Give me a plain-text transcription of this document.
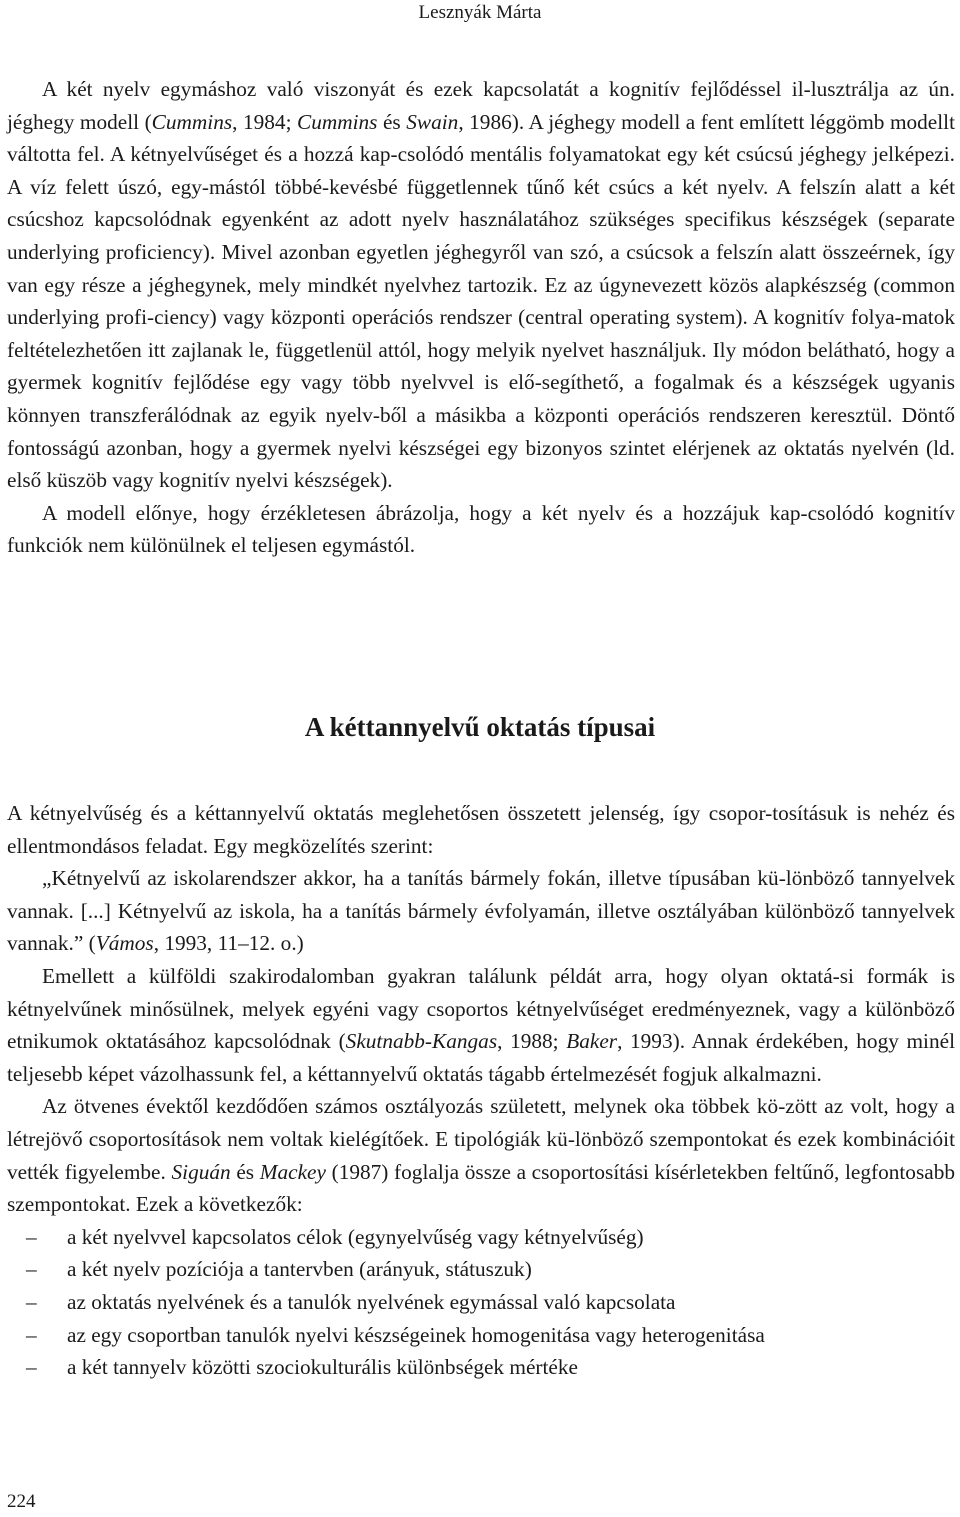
Lesznyák Márta

A két nyelv egymáshoz való viszonyát és ezek kapcsolatát a kognitív fejlődéssel il-lusztrálja az ún. jéghegy modell (Cummins, 1984; Cummins és Swain, 1986). A jéghegy modell a fent említett léggömb modellt váltotta fel. A kétnyelvűséget és a hozzá kap-csolódó mentális folyamatokat egy két csúcsú jéghegy jelképezi. A víz felett úszó, egy-mástól többé-kevésbé függetlennek tűnő két csúcs a két nyelv. A felszín alatt a két csúcshoz kapcsolódnak egyenként az adott nyelv használatához szükséges specifikus készségek (separate underlying proficiency). Mivel azonban egyetlen jéghegyről van szó, a csúcsok a felszín alatt összeérnek, így van egy része a jéghegynek, mely mindkét nyelvhez tartozik. Ez az úgynevezett közös alapkészség (common underlying profi-ciency) vagy központi operációs rendszer (central operating system). A kognitív folya-matok feltételezhetően itt zajlanak le, függetlenül attól, hogy melyik nyelvet használjuk. Ily módon belátható, hogy a gyermek kognitív fejlődése egy vagy több nyelvvel is elő-segíthető, a fogalmak és a készségek ugyanis könnyen transzferálódnak az egyik nyelv-ből a másikba a központi operációs rendszeren keresztül. Döntő fontosságú azonban, hogy a gyermek nyelvi készségei egy bizonyos szintet elérjenek az oktatás nyelvén (ld. első küszöb vagy kognitív nyelvi készségek).

A modell előnye, hogy érzékletesen ábrázolja, hogy a két nyelv és a hozzájuk kap-csolódó kognitív funkciók nem különülnek el teljesen egymástól.

A kéttannyelvű oktatás típusai

A kétnyelvűség és a kéttannyelvű oktatás meglehetősen összetett jelenség, így csopor-tosításuk is nehéz és ellentmondásos feladat. Egy megközelítés szerint:

„Kétnyelvű az iskolarendszer akkor, ha a tanítás bármely fokán, illetve típusában kü-lönböző tannyelvek vannak. [...] Kétnyelvű az iskola, ha a tanítás bármely évfolyamán, illetve osztályában különböző tannyelvek vannak.” (Vámos, 1993, 11–12. o.)

Emellett a külföldi szakirodalomban gyakran találunk példát arra, hogy olyan oktatá-si formák is kétnyelvűnek minősülnek, melyek egyéni vagy csoportos kétnyelvűséget eredményeznek, vagy a különböző etnikumok oktatásához kapcsolódnak (Skutnabb-Kangas, 1988; Baker, 1993). Annak érdekében, hogy minél teljesebb képet vázolhassunk fel, a kéttannyelvű oktatás tágabb értelmezését fogjuk alkalmazni.

Az ötvenes évektől kezdődően számos osztályozás született, melynek oka többek kö-zött az volt, hogy a létrejövő csoportosítások nem voltak kielégítőek. E tipológiák kü-lönböző szempontokat és ezek kombinációit vették figyelembe. Siguán és Mackey (1987) foglalja össze a csoportosítási kísérletekben feltűnő, legfontosabb szempontokat. Ezek a következők:

– a két nyelvvel kapcsolatos célok (egynyelvűség vagy kétnyelvűség)
– a két nyelv pozíciója a tantervben (arányuk, státuszuk)
– az oktatás nyelvének és a tanulók nyelvének egymással való kapcsolata
– az egy csoportban tanulók nyelvi készségeinek homogenitása vagy heterogenitása
– a két tannyelv közötti szociokulturális különbségek mértéke
224
